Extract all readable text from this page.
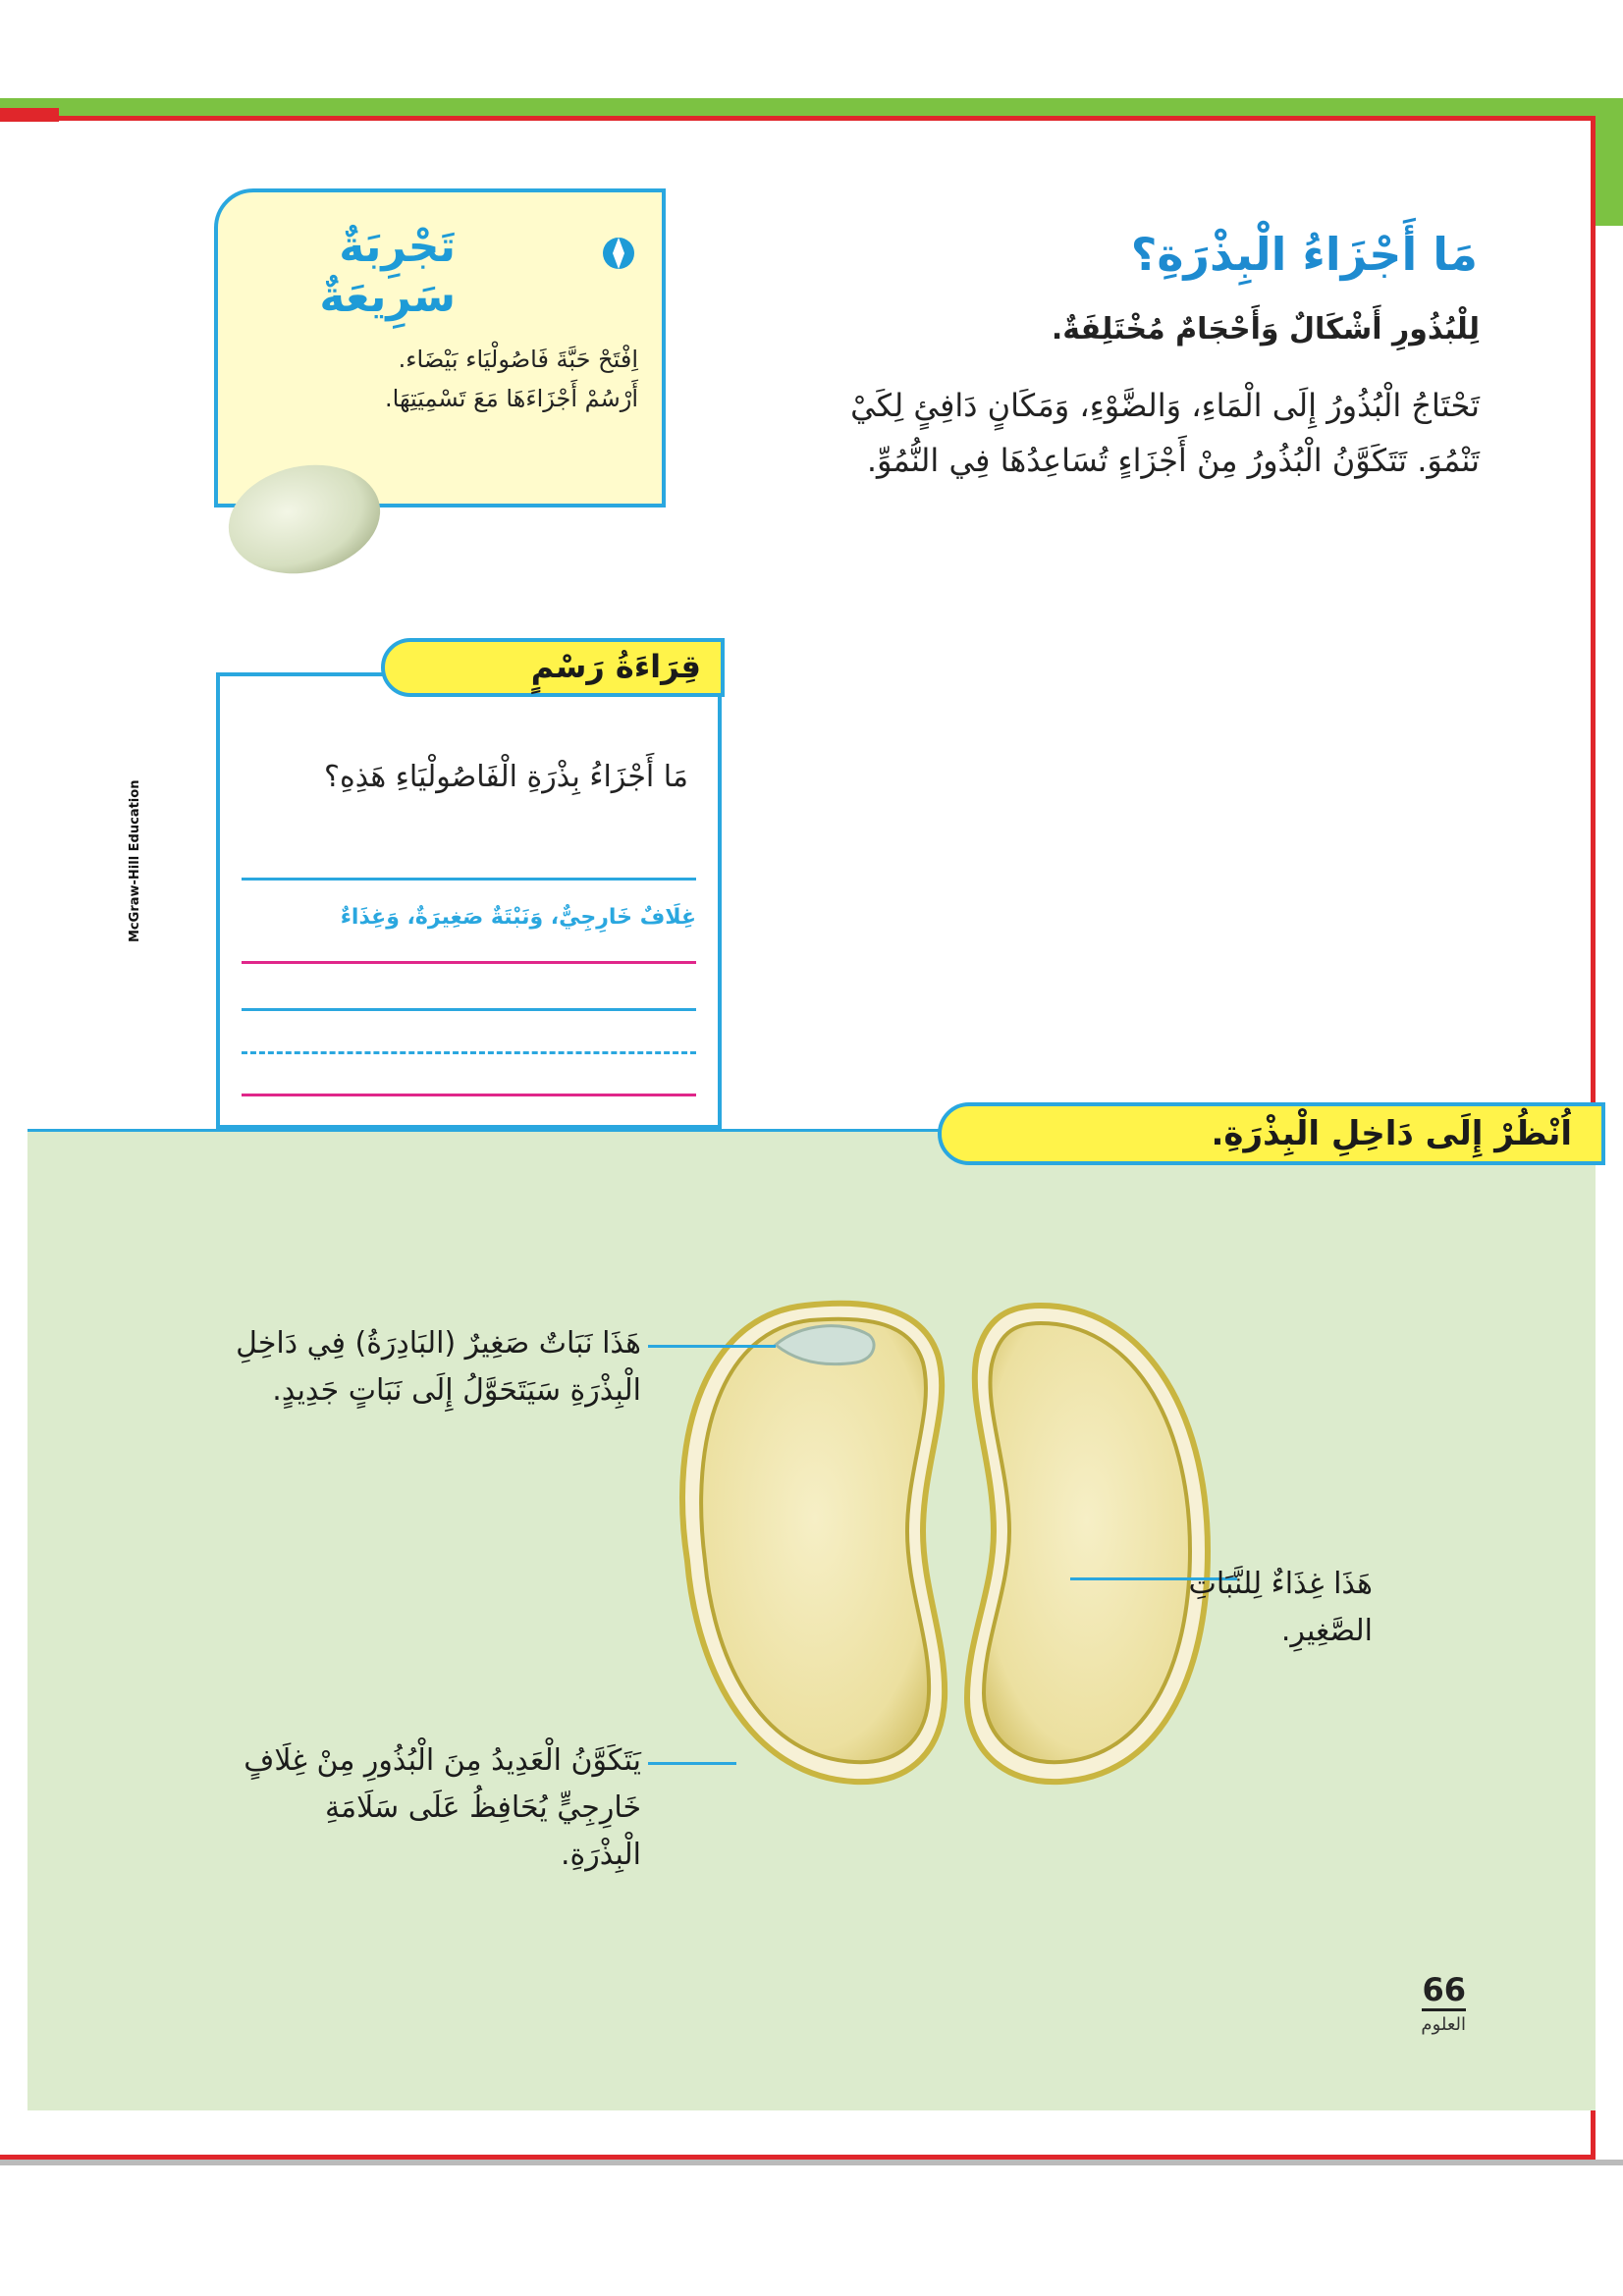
مَا أَجْزَاءُ الْبِذْرَةِ؟
لِلْبُذُورِ أَشْكَالٌ وَأَحْجَامٌ مُخْتَلِفَةٌ.
تَحْتَاجُ الْبُذُورُ إِلَى الْمَاءِ، وَالضَّوْءِ، وَمَكَانٍ دَافِئٍ لِكَيْ تَنْمُوَ. تَتَكَوَّنُ الْبُذُورُ مِنْ أَجْزَاءٍ تُسَاعِدُهَا فِي النُّمُوِّ.
تَجْرِبَةٌ سَرِيعَةٌ
اِفْتَحْ حَبَّةَ فَاصُولْيَاء بَيْضَاء.
أَرْسُمْ أَجْزَاءَهَا مَعَ تَسْمِيَتِهَا.
مَا أَجْزَاءُ بِذْرَةِ الْفَاصُولْيَاءِ هَذِهِ؟
غِلَافٌ خَارِجِيٌّ، وَنَبْتَةٌ صَغِيرَةٌ، وَغِذَاءٌ
قِرَاءَةُ رَسْمٍ
McGraw-Hill Education
اُنْظُرْ إِلَى دَاخِلِ الْبِذْرَةِ.
هَذَا نَبَاتٌ صَغِيرٌ (البَادِرَةُ) فِي دَاخِلِ الْبِذْرَةِ سَيَتَحَوَّلُ إِلَى نَبَاتٍ جَدِيدٍ.
هَذَا غِذَاءٌ لِلنَّبَاتِ الصَّغِيرِ.
يَتَكَوَّنُ الْعَدِيدُ مِنَ الْبُذُورِ مِنْ غِلَافٍ خَارِجِيٍّ يُحَافِظُ عَلَى سَلَامَةِ الْبِذْرَةِ.
66
العلوم
